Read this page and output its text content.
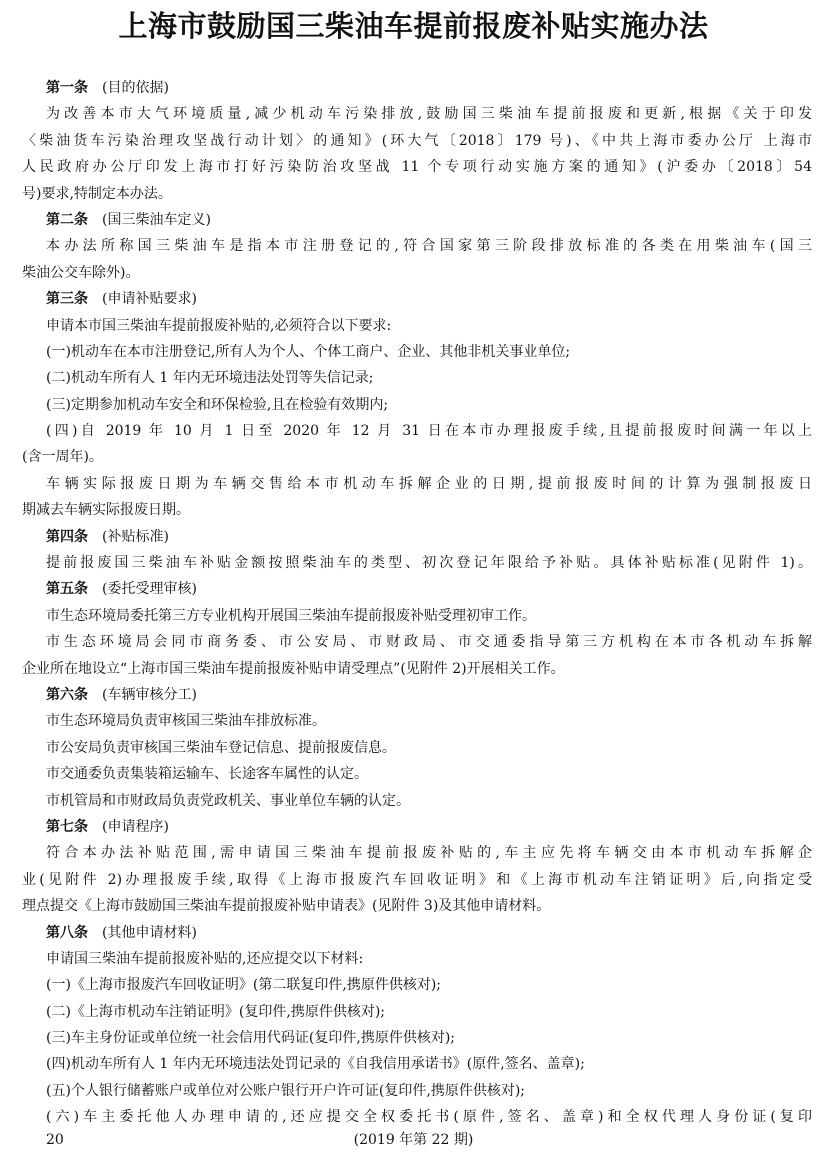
上海市鼓励国三柴油车提前报废补贴实施办法
第一条 (目的依据)
为改善本市大气环境质量,减少机动车污染排放,鼓励国三柴油车提前报废和更新,根据《关于印发
〈柴油货车污染治理攻坚战行动计划〉的通知》(环大气〔2018〕179 号)、《中共上海市委办公厅 上海市
人民政府办公厅印发上海市打好污染防治攻坚战 11 个专项行动实施方案的通知》(沪委办〔2018〕54
号)要求,特制定本办法。
第二条 (国三柴油车定义)
本办法所称国三柴油车是指本市注册登记的,符合国家第三阶段排放标准的各类在用柴油车(国三
柴油公交车除外)。
第三条 (申请补贴要求)
申请本市国三柴油车提前报废补贴的,必须符合以下要求:
(一)机动车在本市注册登记,所有人为个人、个体工商户、企业、其他非机关事业单位;
(二)机动车所有人 1 年内无环境违法处罚等失信记录;
(三)定期参加机动车安全和环保检验,且在检验有效期内;
(四)自 2019 年 10 月 1 日至 2020 年 12 月 31 日在本市办理报废手续,且提前报废时间满一年以上
(含一周年)。
车辆实际报废日期为车辆交售给本市机动车拆解企业的日期,提前报废时间的计算为强制报废日
期减去车辆实际报废日期。
第四条 (补贴标准)
提前报废国三柴油车补贴金额按照柴油车的类型、初次登记年限给予补贴。具体补贴标准(见附件 1)。
第五条 (委托受理审核)
市生态环境局委托第三方专业机构开展国三柴油车提前报废补贴受理初审工作。
市生态环境局会同市商务委、市公安局、市财政局、市交通委指导第三方机构在本市各机动车拆解
企业所在地设立“上海市国三柴油车提前报废补贴申请受理点”(见附件 2)开展相关工作。
第六条 (车辆审核分工)
市生态环境局负责审核国三柴油车排放标准。
市公安局负责审核国三柴油车登记信息、提前报废信息。
市交通委负责集装箱运输车、长途客车属性的认定。
市机管局和市财政局负责党政机关、事业单位车辆的认定。
第七条 (申请程序)
符合本办法补贴范围,需申请国三柴油车提前报废补贴的,车主应先将车辆交由本市机动车拆解企
业(见附件 2)办理报废手续,取得《上海市报废汽车回收证明》和《上海市机动车注销证明》后,向指定受
理点提交《上海市鼓励国三柴油车提前报废补贴申请表》(见附件 3)及其他申请材料。
第八条 (其他申请材料)
申请国三柴油车提前报废补贴的,还应提交以下材料:
(一)《上海市报废汽车回收证明》(第二联复印件,携原件供核对);
(二)《上海市机动车注销证明》(复印件,携原件供核对);
(三)车主身份证或单位统一社会信用代码证(复印件,携原件供核对);
(四)机动车所有人 1 年内无环境违法处罚记录的《自我信用承诺书》(原件,签名、盖章);
(五)个人银行储蓄账户或单位对公账户银行开户许可证(复印件,携原件供核对);
(六)车主委托他人办理申请的,还应提交全权委托书(原件,签名、盖章)和全权代理人身份证(复印
20	(2019 年第 22 期)
